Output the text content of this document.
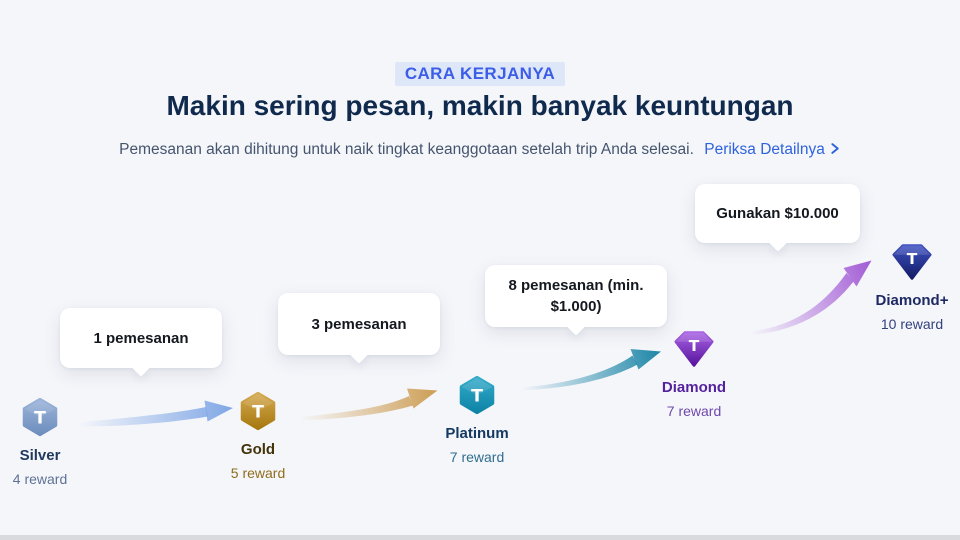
CARA KERJANYA
Makin sering pesan, makin banyak keuntungan
Pemesanan akan dihitung untuk naik tingkat keanggotaan setelah trip Anda selesai. Periksa Detailnya
1 pemesanan
3 pemesanan
8 pemesanan (min. $1.000)
Gunakan $10.000
T
Silver
4 reward
T
Gold
5 reward
T
Platinum
7 reward
T
Diamond
7 reward
T
Diamond+
10 reward
